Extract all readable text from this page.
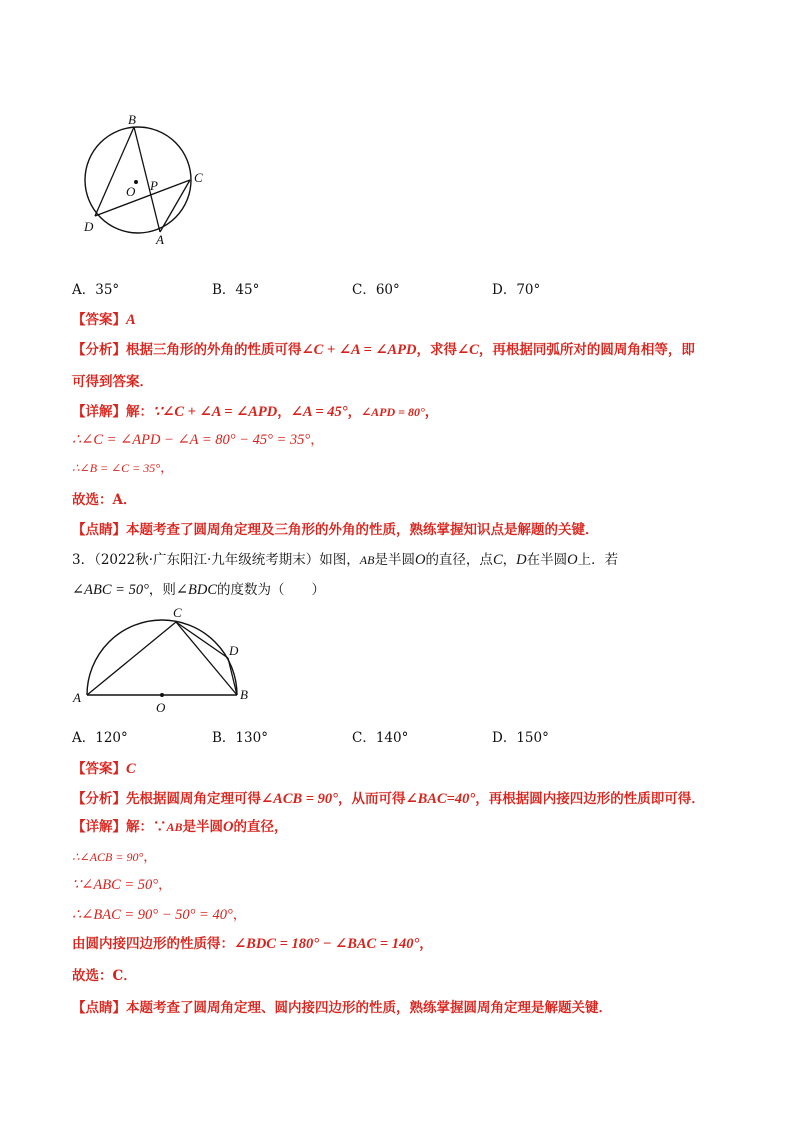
B
C
D
A
O P
A．35°	B．45°	C．60°	D．70°
【答案】A
【分析】根据三角形的外角的性质可得∠C + ∠A = ∠APD，求得∠C，再根据同弧所对的圆周角相等，即
可得到答案．
【详解】解：∵∠C + ∠A = ∠APD，∠A = 45°，∠APD = 80°，
∴∠C = ∠APD − ∠A = 80° − 45° = 35°，
∴∠B = ∠C = 35°，
故选：A．
【点睛】本题考查了圆周角定理及三角形的外角的性质，熟练掌握知识点是解题的关键．
3．（2022秋·广东阳江·九年级统考期末）如图，AB是半圆O的直径，点C，D在半圆O上．若
∠ABC = 50°，则∠BDC的度数为（　　）
C
D
A	B
O
A．120°	B．130°	C．140°	D．150°
【答案】C
【分析】先根据圆周角定理可得∠ACB = 90°，从而可得∠BAC=40°，再根据圆内接四边形的性质即可得．
【详解】解：∵AB是半圆O的直径，
∴∠ACB = 90°，
∵∠ABC = 50°，
∴∠BAC = 90° − 50° = 40°，
由圆内接四边形的性质得：∠BDC = 180° − ∠BAC = 140°，
故选：C．
【点睛】本题考查了圆周角定理、圆内接四边形的性质，熟练掌握圆周角定理是解题关键．
